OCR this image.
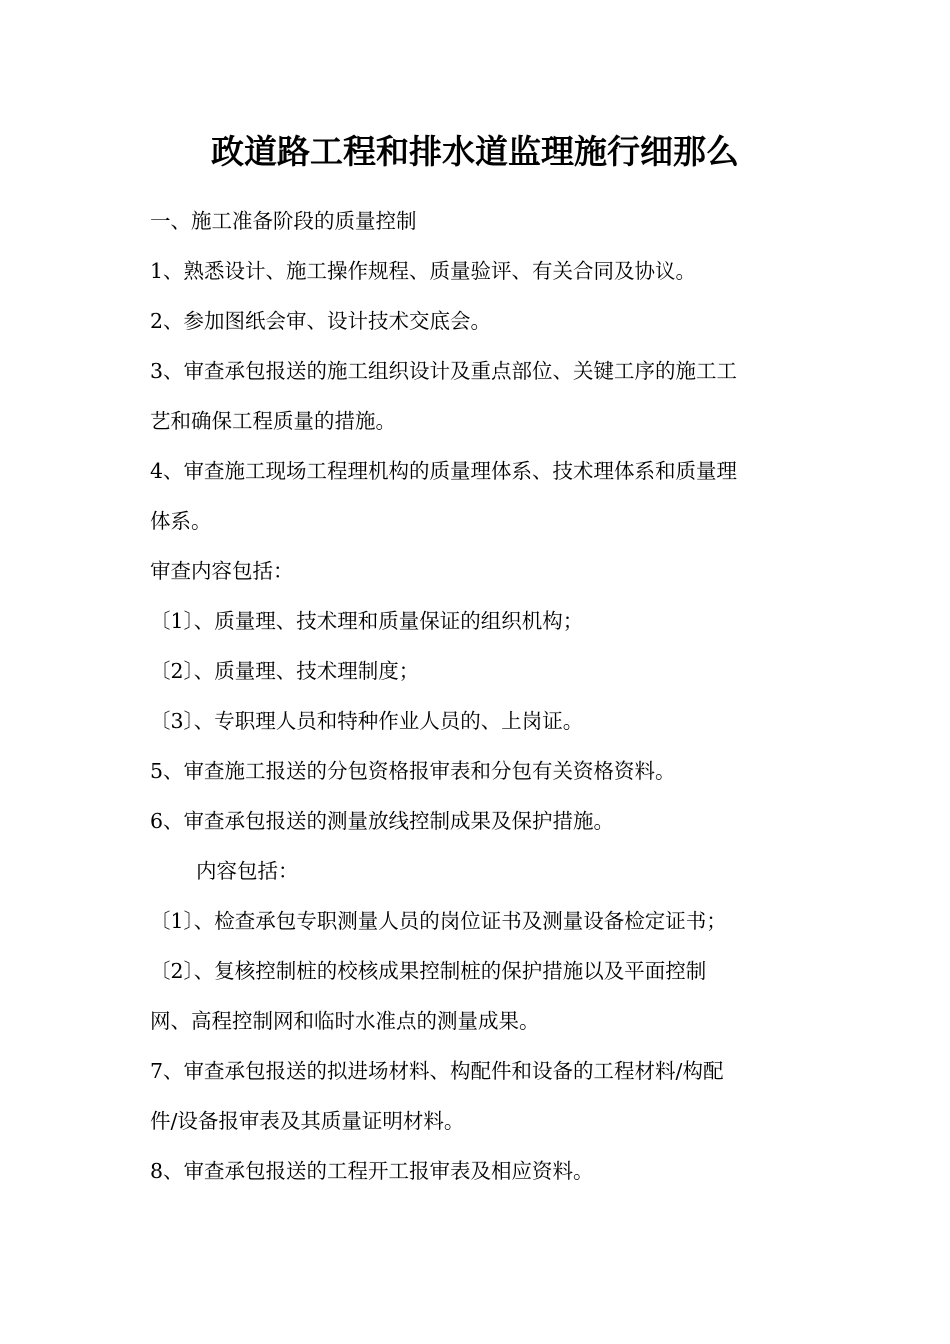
政道路工程和排水道监理施行细那么
一、施工准备阶段的质量控制
1、熟悉设计、施工操作规程、质量验评、有关合同及协议。
2、参加图纸会审、设计技术交底会。
3、审查承包报送的施工组织设计及重点部位、关键工序的施工工
艺和确保工程质量的措施。
4、审查施工现场工程理机构的质量理体系、技术理体系和质量理
体系。
审查内容包括：
〔1〕、质量理、技术理和质量保证的组织机构；
〔2〕、质量理、技术理制度；
〔3〕、专职理人员和特种作业人员的、上岗证。
5、审查施工报送的分包资格报审表和分包有关资格资料。
6、审查承包报送的测量放线控制成果及保护措施。
内容包括：
〔1〕、检查承包专职测量人员的岗位证书及测量设备检定证书；
〔2〕、复核控制桩的校核成果控制桩的保护措施以及平面控制
网、高程控制网和临时水准点的测量成果。
7、审查承包报送的拟进场材料、构配件和设备的工程材料/构配
件/设备报审表及其质量证明材料。
8、审查承包报送的工程开工报审表及相应资料。
